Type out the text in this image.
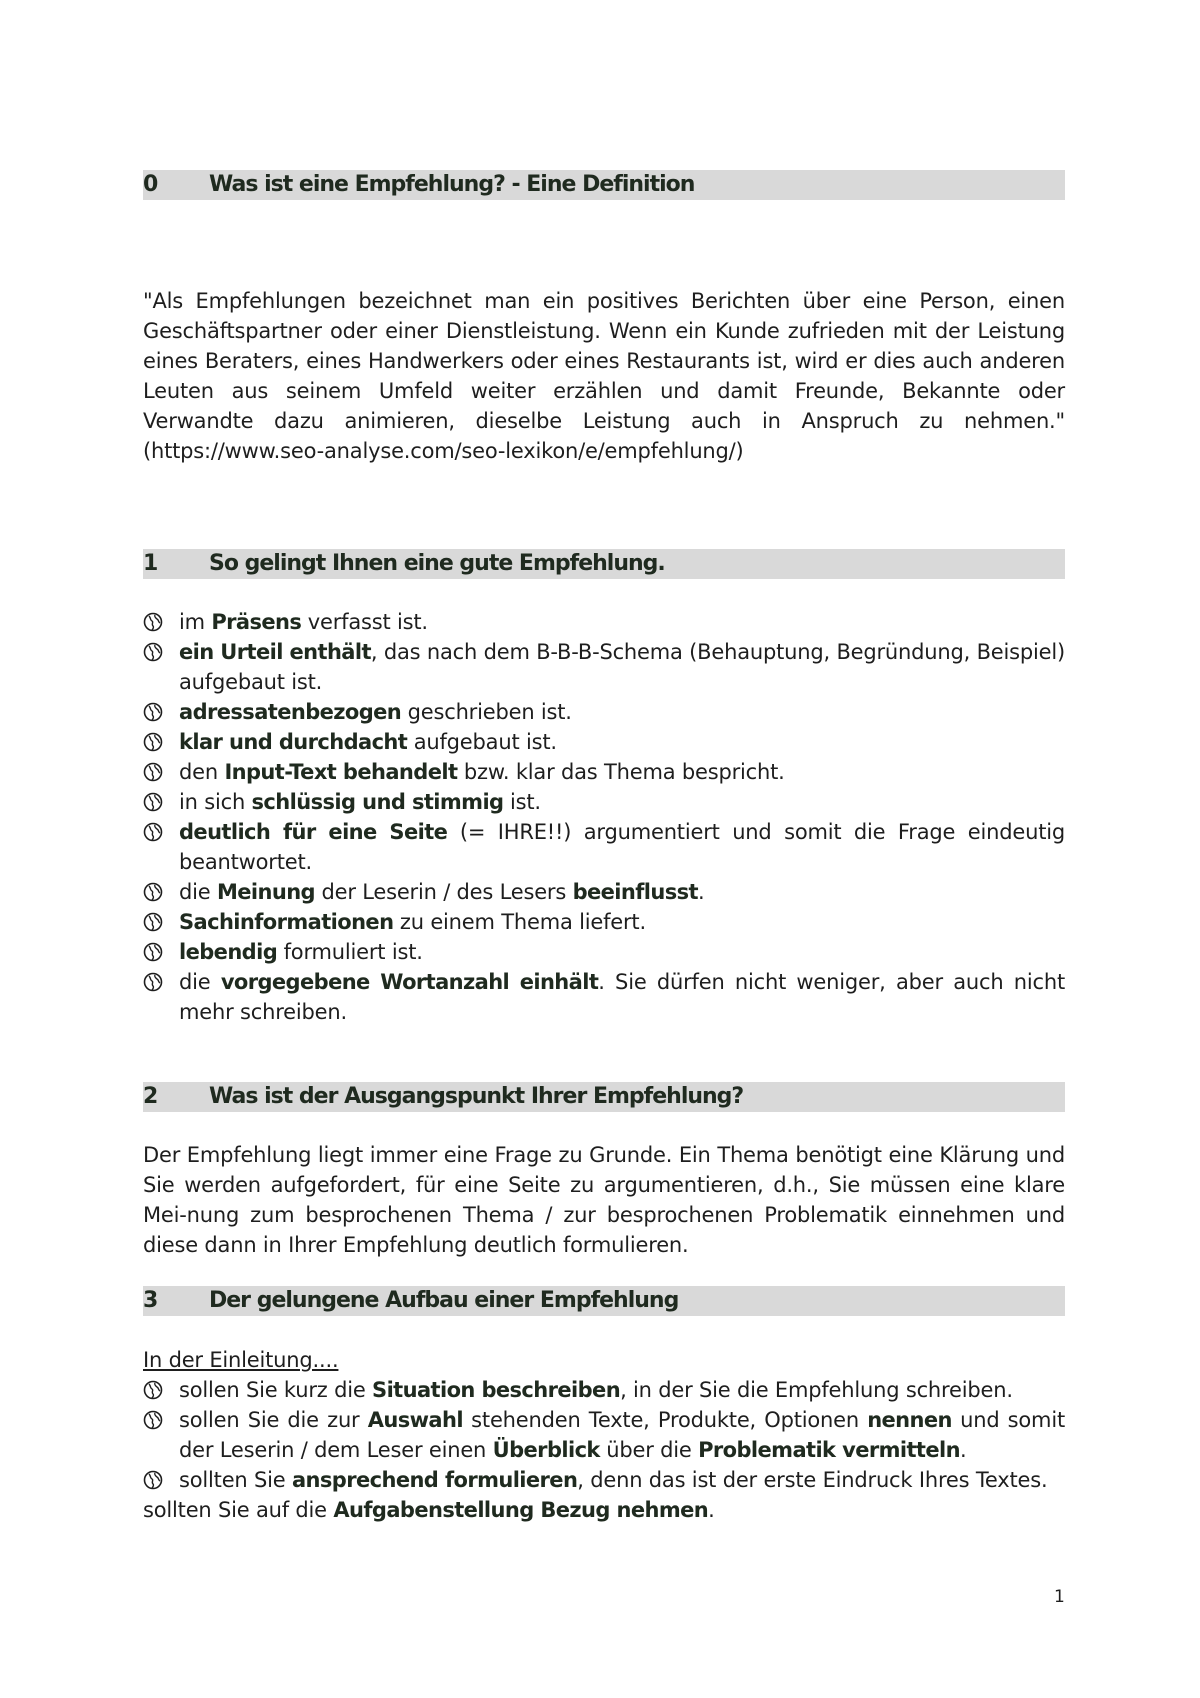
0 Was ist eine Empfehlung? - Eine Definition
"Als Empfehlungen bezeichnet man ein positives Berichten über eine Person, einen Geschäftspartner oder einer Dienstleistung. Wenn ein Kunde zufrieden mit der Leistung eines Beraters, eines Handwerkers oder eines Restaurants ist, wird er dies auch anderen Leuten aus seinem Umfeld weiter erzählen und damit Freunde, Bekannte oder Verwandte dazu animieren, dieselbe Leistung auch in Anspruch zu nehmen." (https://www.seo-analyse.com/seo-lexikon/e/empfehlung/)
1 So gelingt Ihnen eine gute Empfehlung.
im Präsens verfasst ist.
ein Urteil enthält, das nach dem B-B-B-Schema (Behauptung, Begründung, Beispiel) aufgebaut ist.
adressatenbezogen geschrieben ist.
klar und durchdacht aufgebaut ist.
den Input-Text behandelt bzw. klar das Thema bespricht.
in sich schlüssig und stimmig ist.
deutlich für eine Seite (= IHRE!!) argumentiert und somit die Frage eindeutig beantwortet.
die Meinung der Leserin / des Lesers beeinflusst.
Sachinformationen zu einem Thema liefert.
lebendig formuliert ist.
die vorgegebene Wortanzahl einhält. Sie dürfen nicht weniger, aber auch nicht mehr schreiben.
2 Was ist der Ausgangspunkt Ihrer Empfehlung?
Der Empfehlung liegt immer eine Frage zu Grunde. Ein Thema benötigt eine Klärung und Sie werden aufgefordert, für eine Seite zu argumentieren, d.h., Sie müssen eine klare Mei-nung zum besprochenen Thema / zur besprochenen Problematik einnehmen und diese dann in Ihrer Empfehlung deutlich formulieren.
3 Der gelungene Aufbau einer Empfehlung
In der Einleitung....
sollen Sie kurz die Situation beschreiben, in der Sie die Empfehlung schreiben.
sollen Sie die zur Auswahl stehenden Texte, Produkte, Optionen nennen und somit der Leserin / dem Leser einen Überblick über die Problematik vermitteln.
sollten Sie ansprechend formulieren, denn das ist der erste Eindruck Ihres Textes.
sollten Sie auf die Aufgabenstellung Bezug nehmen.
1
